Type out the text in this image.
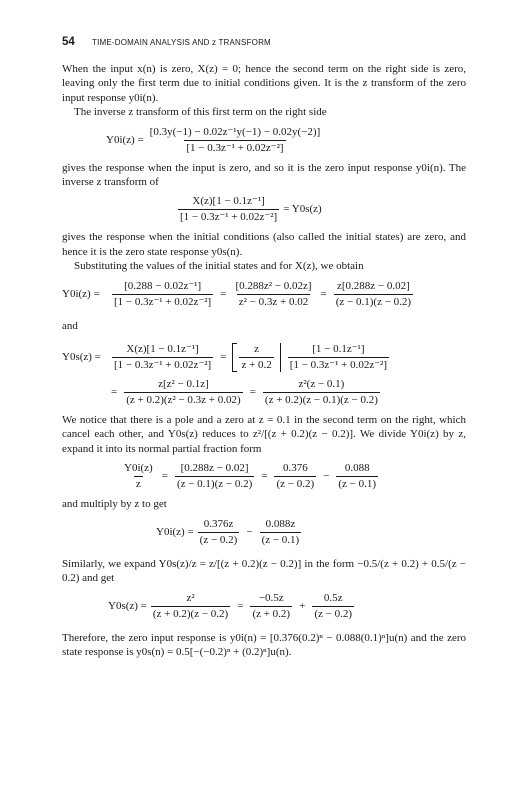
54	TIME-DOMAIN ANALYSIS AND z TRANSFORM

When the input x(n) is zero, X(z) = 0; hence the second term on the right side is zero, leaving only the first term due to initial conditions given. It is the z transform of the zero input response y0i(n).

The inverse z transform of this first term on the right side

$Y0i(z) = \frac{\text{[0.3y(−1) − 0.02z⁻¹y(−1) − 0.02y(−2)]}}{\text{[1 − 0.3z⁻¹ + 0.02z⁻²]}}$

gives the response when the input is zero, and so it is the zero input response y0i(n). The inverse z transform of

$\frac{\text{X(z)[1 − 0.1z⁻¹]}}{\text{[1 − 0.3z⁻¹ + 0.02z⁻²]}} = Y0s(z)$

gives the response when the initial conditions (also called the initial states) are zero, and hence it is the zero state response y0s(n).

Substituting the values of the initial states and for X(z), we obtain

Y0i(z) =	$\frac{\text{[0.288 − 0.02z⁻¹]}}{\text{[1 − 0.3z⁻¹ + 0.02z⁻²]}} = \frac{\text{[0.288z² − 0.02z]}}{\text{z² − 0.3z + 0.02}} = \frac{z[0.288z - 0.02]}{(z - 0.1)(z - 0.2)}$

and

Y0s(z) =	$\frac{\text{X(z)[1 − 0.1z⁻¹]}}{\text{[1 − 0.3z⁻¹ + 0.02z⁻²]}} = \frac{z}{z + 0.2} \frac{\text{[1 − 0.1z⁻¹]}}{\text{[1 − 0.3z⁻¹ + 0.02z⁻²]}}$
= $\frac{\text{z[z² − 0.1z]}}{\text{(z + 0.2)(z² − 0.3z + 0.02)}} = \frac{\text{z²(z − 0.1)}}{(z + 0.2)(z - 0.1)(z - 0.2)}$

We notice that there is a pole and a zero at z = 0.1 in the second term on the right, which cancel each other, and Y0s(z) reduces to z²/[(z + 0.2)(z − 0.2)]. We divide Y0i(z) by z, expand it into its normal partial fraction form

$\frac{Y0i(z)}{z} = \frac{[0.288z - 0.02]}{(z - 0.1)(z - 0.2)} = \frac{0.376}{(z - 0.2)} - \frac{0.088}{(z - 0.1)}$

and multiply by z to get

$Y0i(z) = \frac{0.376z}{(z - 0.2)} - \frac{0.088z}{(z - 0.1)}$

Similarly, we expand Y0s(z)/z = z/[(z + 0.2)(z − 0.2)] in the form −0.5/(z + 0.2) + 0.5/(z − 0.2) and get

$Y0s(z) = \frac{\text{z²}}{(z + 0.2)(z - 0.2)} = \frac{-0.5z}{(z + 0.2)} + \frac{0.5z}{(z - 0.2)}$

Therefore, the zero input response is y0i(n) = [0.376(0.2)ⁿ − 0.088(0.1)ⁿ]u(n) and the zero state response is y0s(n) = 0.5[−(−0.2)ⁿ + (0.2)ⁿ]u(n).
